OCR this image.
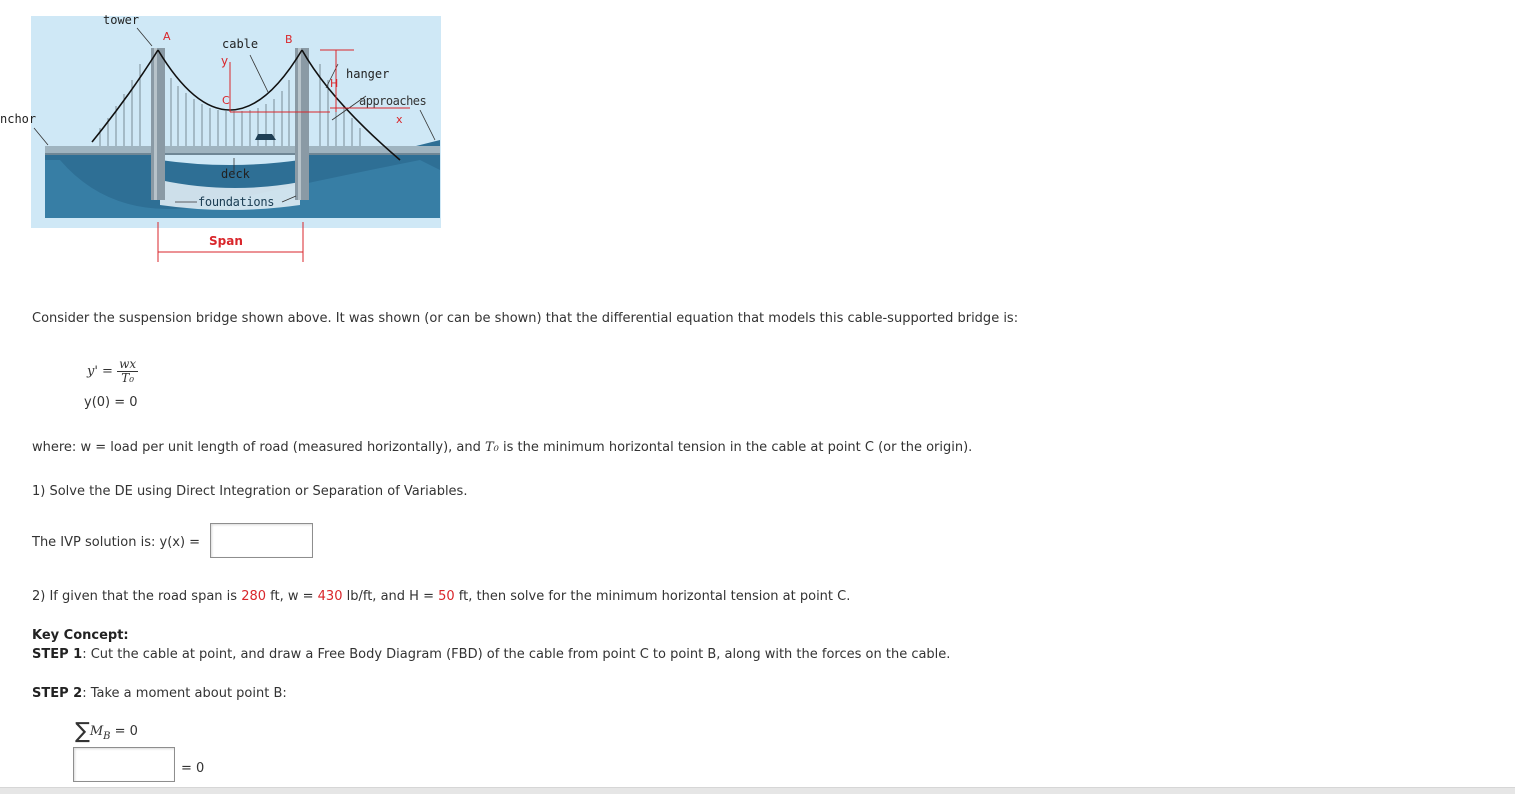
tower
A
cable B
y
hanger
H
C	approaches
x
nchor
deck
foundations
Span
Consider the suspension bridge shown above. It was shown (or can be shown) that the differential equation that models this cable-supported bridge is:
$y' = \frac{wx}{\text{T₀}}$
y(0) = 0
where: w = load per unit length of road (measured horizontally), and T₀ is the minimum horizontal tension in the cable at point C (or the origin).
1) Solve the DE using Direct Integration or Separation of Variables.
The IVP solution is: y(x) =
2) If given that the road span is 280 ft, w = 430 lb/ft, and H = 50 ft, then solve for the minimum horizontal tension at point C.
Key Concept:
STEP 1: Cut the cable at point, and draw a Free Body Diagram (FBD) of the cable from point C to point B, along with the forces on the cable.
STEP 2: Take a moment about point B:
$\sum M_B = 0$
= 0
